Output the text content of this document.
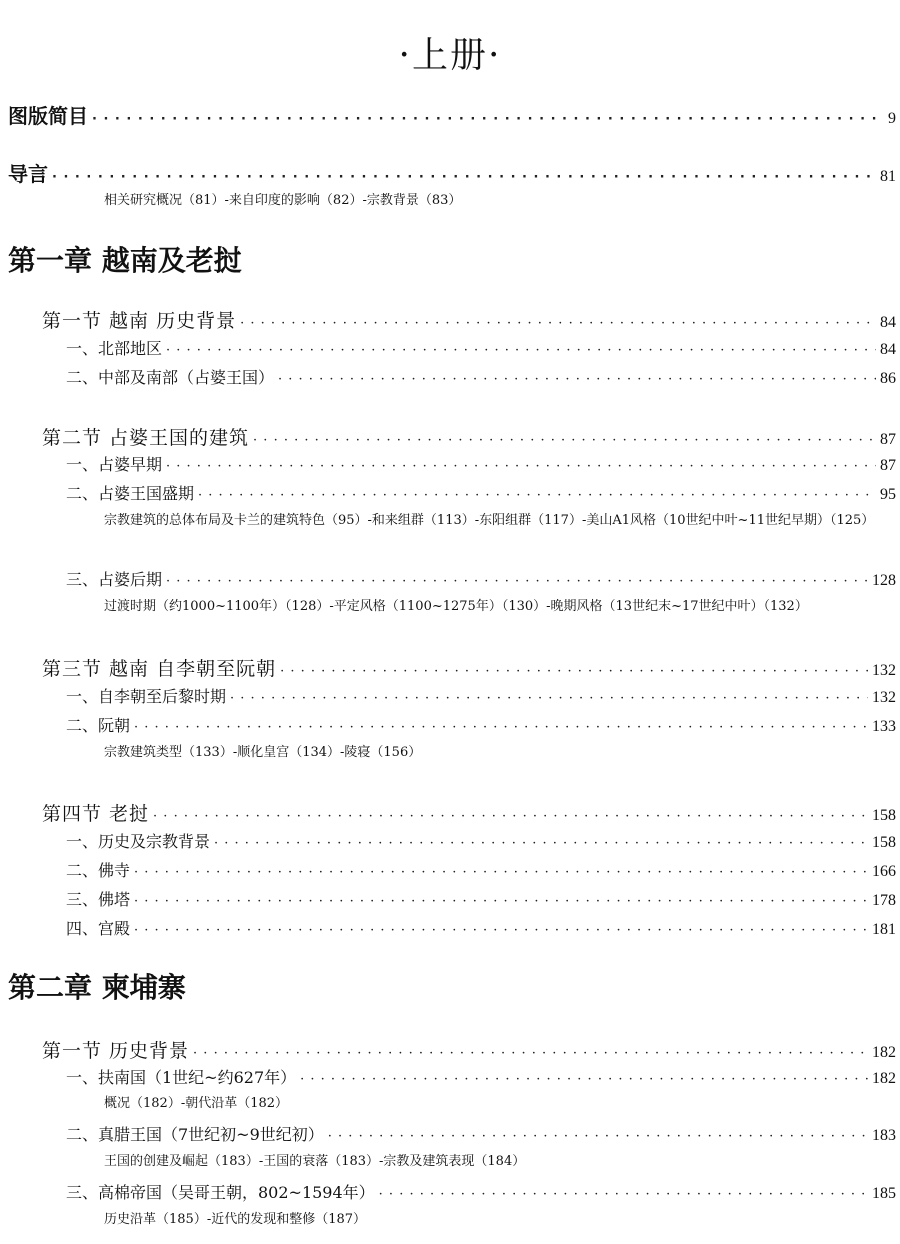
·上册·
图版简目 · · ·	9
导言 · · ·	81
相关研究概况（81）-来自印度的影响（82）-宗教背景（83）
第一章 越南及老挝
第一节 越南 历史背景 · · ·	84
一、北部地区 · · ·	84
二、中部及南部（占婆王国） · · ·	86
第二节 占婆王国的建筑 · · ·	87
一、占婆早期 · · ·	87
二、占婆王国盛期 · · ·	95
宗教建筑的总体布局及卡兰的建筑特色（95）-和来组群（113）-东阳组群（117）-美山A1风格（10世纪中叶~11世纪早期）（125）
三、占婆后期 · · ·	128
过渡时期（约1000~1100年）（128）-平定风格（1100~1275年）（130）-晚期风格（13世纪末~17世纪中叶）（132）
第三节 越南 自李朝至阮朝 · · ·	132
一、自李朝至后黎时期 · · ·	132
二、阮朝 · · ·	133
宗教建筑类型（133）-顺化皇宫（134）-陵寝（156）
第四节 老挝 · · ·	158
一、历史及宗教背景 · · ·	158
二、佛寺 · · ·	166
三、佛塔 · · ·	178
四、宫殿 · · ·	181
第二章 柬埔寨
第一节 历史背景 · · ·	182
一、扶南国（1世纪~约627年） · · ·	182
概况（182）-朝代沿革（182）
二、真腊王国（7世纪初~9世纪初） · · ·	183
王国的创建及崛起（183）-王国的衰落（183）-宗教及建筑表现（184）
三、高棉帝国（吴哥王朝，802~1594年） · · ·	185
历史沿革（185）-近代的发现和整修（187）
